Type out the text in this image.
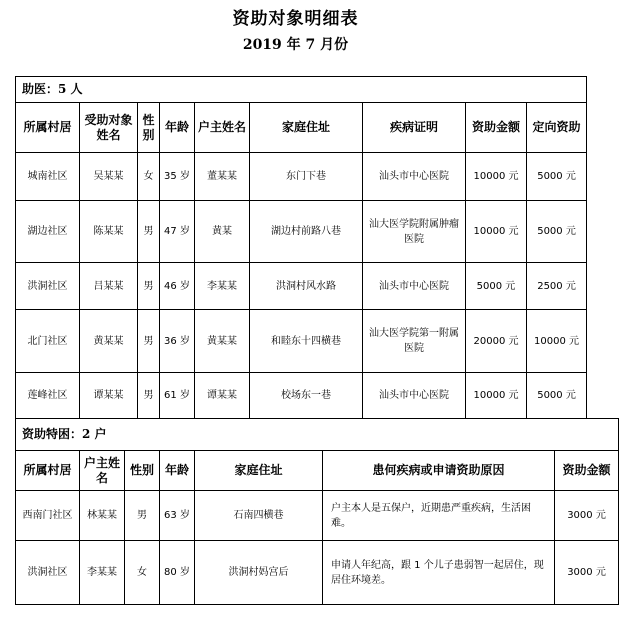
资助对象明细表
2019 年 7 月份
助医：5 人								
所属村居	受助对象姓名	性别	年龄	户主姓名	家庭住址	疾病证明	资助金额	定向资助
城南社区	吴某某	女	35 岁	董某某	东门下巷	汕头市中心医院	10000 元	5000 元
湖边社区	陈某某	男	47 岁	黄某	湖边村前路八巷	汕大医学院附属肿瘤医院	10000 元	5000 元
洪洞社区	吕某某	男	46 岁	李某某	洪洞村风水路	汕头市中心医院	5000 元	2500 元
北门社区	黄某某	男	36 岁	黄某某	和睦东十四横巷	汕大医学院第一附属医院	20000 元	10000 元
莲峰社区	谭某某	男	61 岁	谭某某	校场东一巷	汕头市中心医院	10000 元	5000 元
资助特困：2 户						
所属村居	户主姓名	性别	年龄	家庭住址	患何疾病或申请资助原因	资助金额
西南门社区	林某某	男	63 岁	石南四横巷	户主本人是五保户，近期患严重疾病，生活困难。	3000 元
洪洞社区	李某某	女	80 岁	洪洞村妈宫后	申请人年纪高，跟 1 个儿子患弱智一起居住，现居住环境差。	3000 元
